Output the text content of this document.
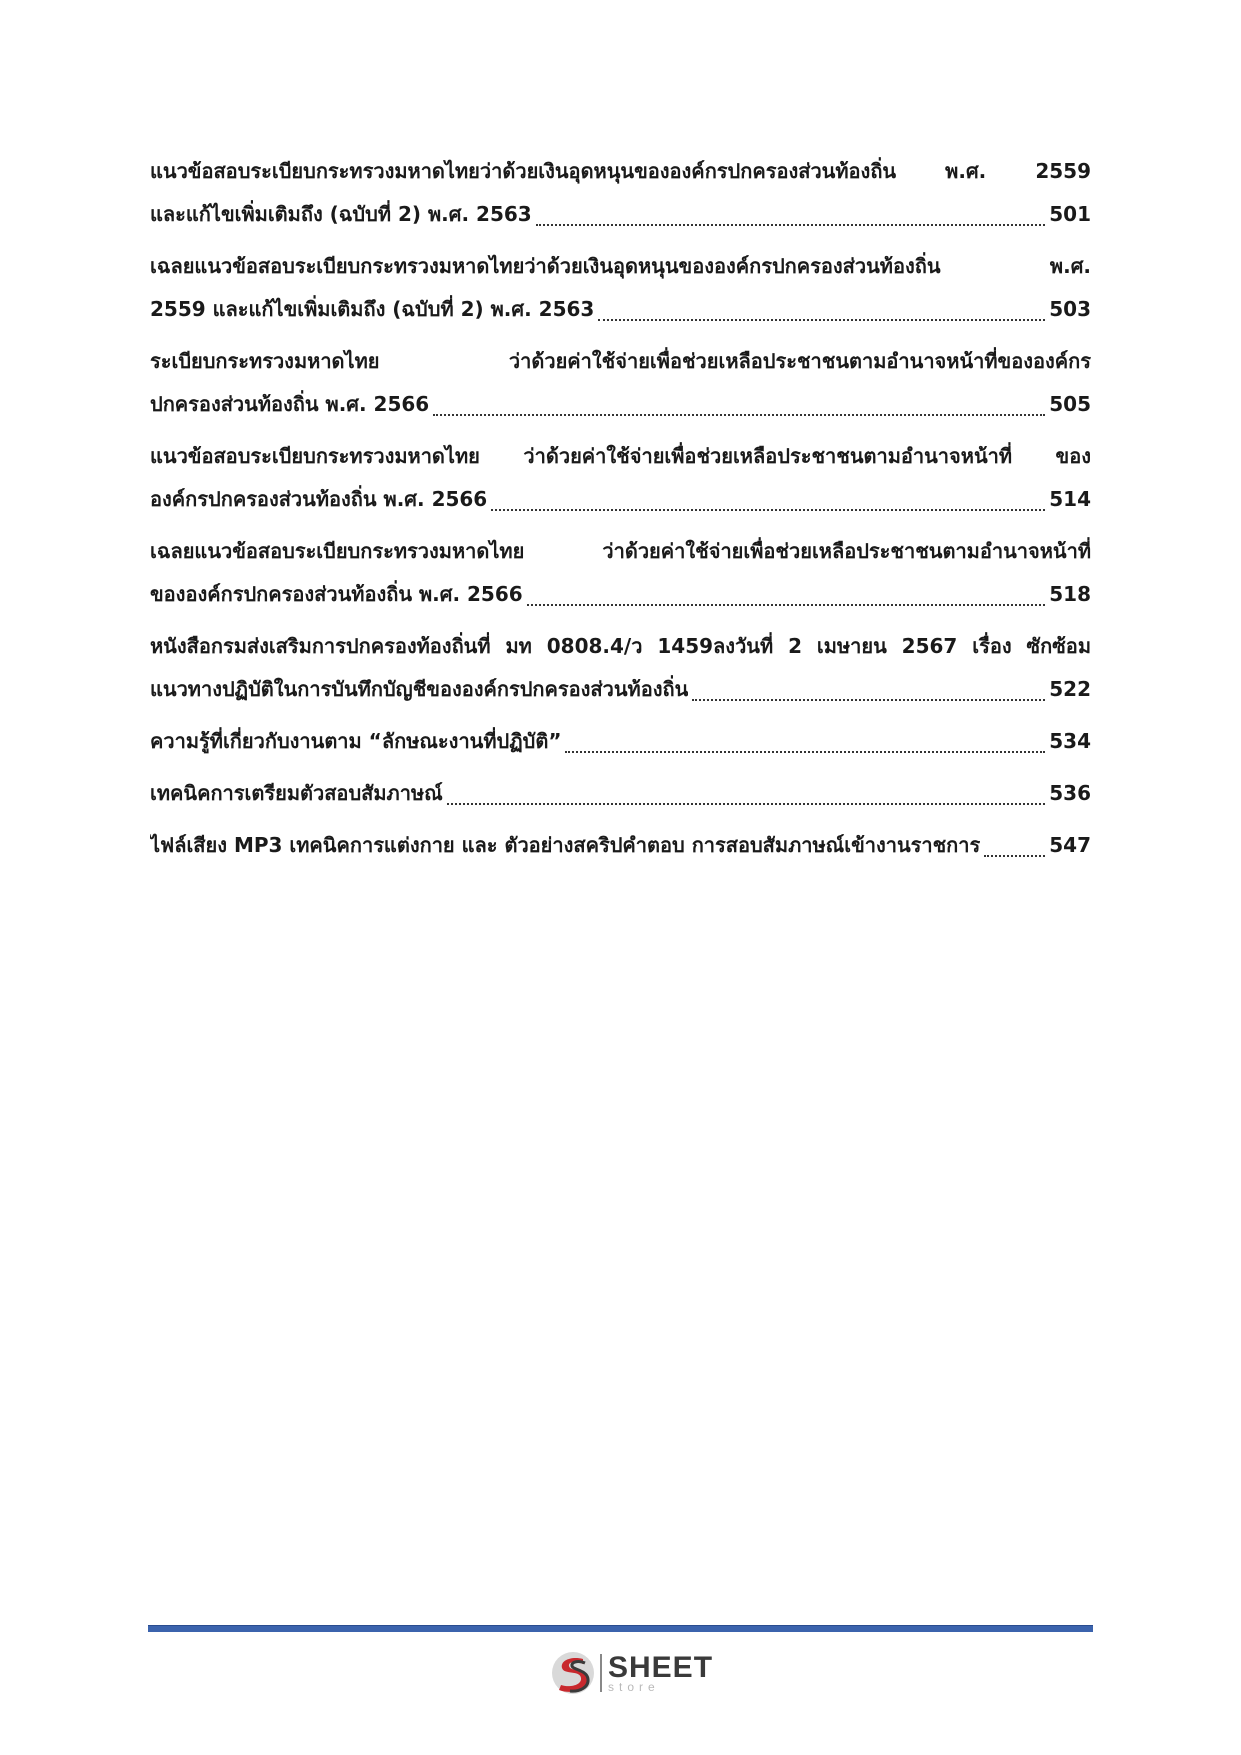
แนวข้อสอบระเบียบกระทรวงมหาดไทยว่าด้วยเงินอุดหนุนขององค์กรปกครองส่วนท้องถิ่น พ.ศ. 2559
และแก้ไขเพิ่มเติมถึง (ฉบับที่ 2) พ.ศ. 2563	501
เฉลยแนวข้อสอบระเบียบกระทรวงมหาดไทยว่าด้วยเงินอุดหนุนขององค์กรปกครองส่วนท้องถิ่น พ.ศ.
2559 และแก้ไขเพิ่มเติมถึง (ฉบับที่ 2) พ.ศ. 2563	503
ระเบียบกระทรวงมหาดไทย ว่าด้วยค่าใช้จ่ายเพื่อช่วยเหลือประชาชนตามอำนาจหน้าที่ขององค์กร
ปกครองส่วนท้องถิ่น พ.ศ. 2566	505
แนวข้อสอบระเบียบกระทรวงมหาดไทย ว่าด้วยค่าใช้จ่ายเพื่อช่วยเหลือประชาชนตามอำนาจหน้าที่ ของ
องค์กรปกครองส่วนท้องถิ่น พ.ศ. 2566	514
เฉลยแนวข้อสอบระเบียบกระทรวงมหาดไทย ว่าด้วยค่าใช้จ่ายเพื่อช่วยเหลือประชาชนตามอำนาจหน้าที่
ขององค์กรปกครองส่วนท้องถิ่น พ.ศ. 2566	518
หนังสือกรมส่งเสริมการปกครองท้องถิ่นที่ มท 0808.4/ว 1459ลงวันที่ 2 เมษายน 2567 เรื่อง ซักซ้อม
แนวทางปฏิบัติในการบันทึกบัญชีขององค์กรปกครองส่วนท้องถิ่น	522
ความรู้ที่เกี่ยวกับงานตาม “ลักษณะงานที่ปฏิบัติ”	534
เทคนิคการเตรียมตัวสอบสัมภาษณ์	536
ไฟล์เสียง MP3 เทคนิคการแต่งกาย และ ตัวอย่างสคริปคำตอบ การสอบสัมภาษณ์เข้างานราชการ	547
SHEET
store
